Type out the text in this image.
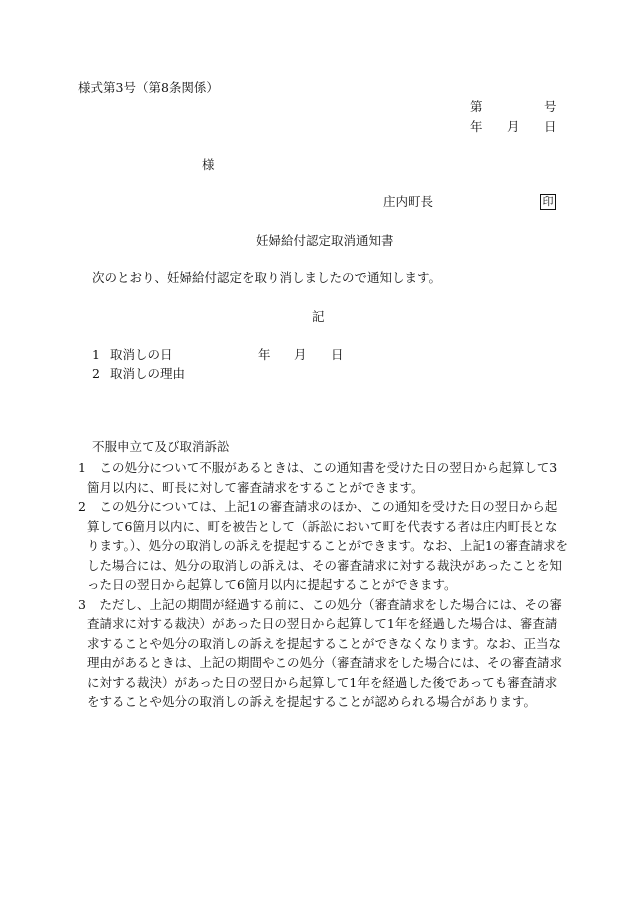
様式第3号（第8条関係）
第	号
年 月 日
様
庄内町長	印
妊婦給付認定取消通知書
次のとおり、妊婦給付認定を取り消しましたので通知します。
記
1 取消しの日	年 月 日
2 取消しの理由
不服申立て及び取消訴訟
1	この処分について不服があるときは、この通知書を受けた日の翌日から起算して3箇月以内に、町長に対して審査請求をすることができます。
2	この処分については、上記1の審査請求のほか、この通知を受けた日の翌日から起算して6箇月以内に、町を被告として（訴訟において町を代表する者は庄内町長となります。）、処分の取消しの訴えを提起することができます。なお、上記1の審査請求をした場合には、処分の取消しの訴えは、その審査請求に対する裁決があったことを知った日の翌日から起算して6箇月以内に提起することができます。
3	ただし、上記の期間が経過する前に、この処分（審査請求をした場合には、その審査請求に対する裁決）があった日の翌日から起算して1年を経過した場合は、審査請求することや処分の取消しの訴えを提起することができなくなります。なお、正当な理由があるときは、上記の期間やこの処分（審査請求をした場合には、その審査請求に対する裁決）があった日の翌日から起算して1年を経過した後であっても審査請求をすることや処分の取消しの訴えを提起することが認められる場合があります。
